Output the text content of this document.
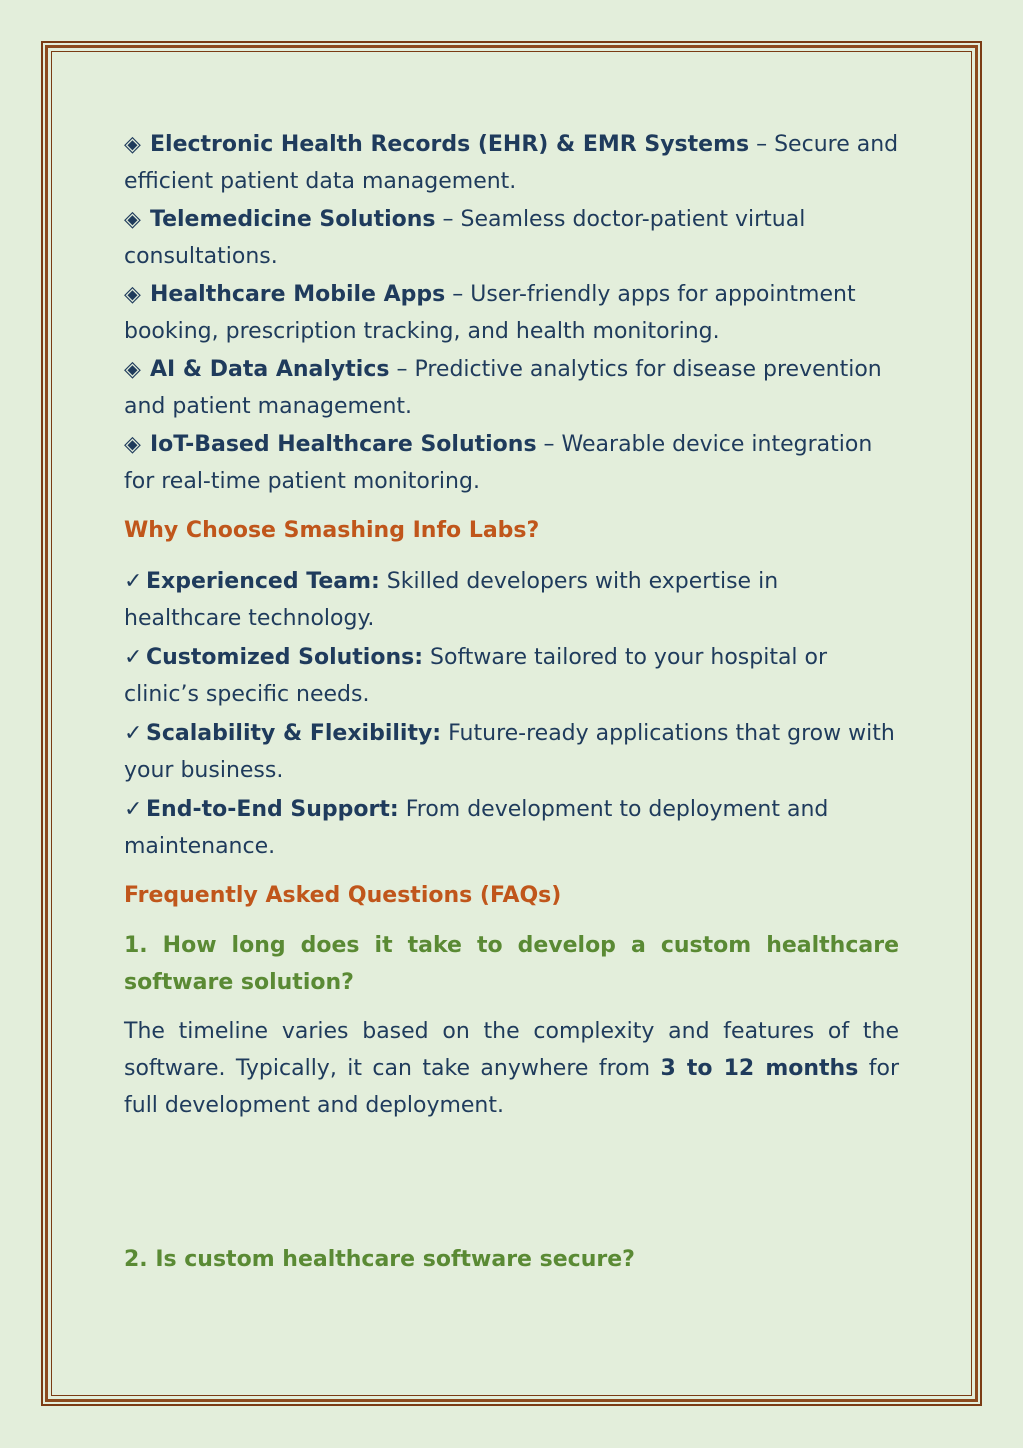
◈ Electronic Health Records (EHR) & EMR Systems – Secure and efficient patient data management.

◈ Telemedicine Solutions – Seamless doctor-patient virtual consultations.

◈ Healthcare Mobile Apps – User-friendly apps for appointment booking, prescription tracking, and health monitoring.

◈ AI & Data Analytics – Predictive analytics for disease prevention and patient management.

◈ IoT-Based Healthcare Solutions – Wearable device integration for real-time patient monitoring.

Why Choose Smashing Info Labs?

✓ Experienced Team: Skilled developers with expertise in healthcare technology.

✓ Customized Solutions: Software tailored to your hospital or clinic’s specific needs.

✓ Scalability & Flexibility: Future-ready applications that grow with your business.

✓ End-to-End Support: From development to deployment and maintenance.

Frequently Asked Questions (FAQs)

1. How long does it take to develop a custom healthcare software solution?

The timeline varies based on the complexity and features of the software. Typically, it can take anywhere from 3 to 12 months for full development and deployment.

2. Is custom healthcare software secure?
